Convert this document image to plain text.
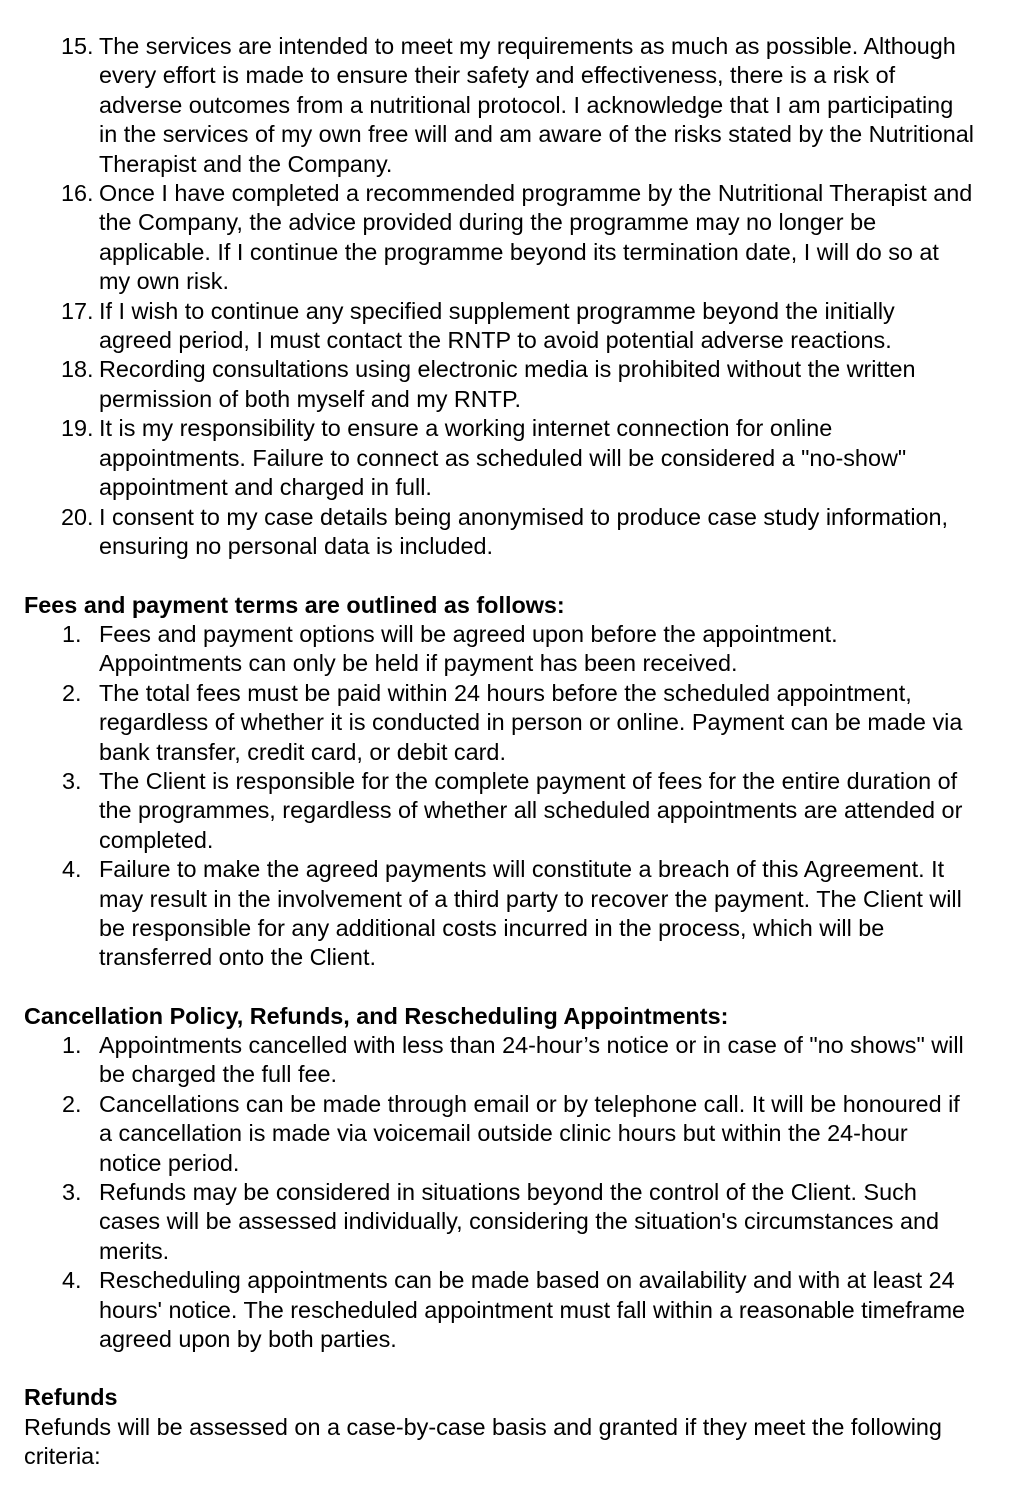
15. The services are intended to meet my requirements as much as possible. Although every effort is made to ensure their safety and effectiveness, there is a risk of adverse outcomes from a nutritional protocol. I acknowledge that I am participating in the services of my own free will and am aware of the risks stated by the Nutritional Therapist and the Company.
16. Once I have completed a recommended programme by the Nutritional Therapist and the Company, the advice provided during the programme may no longer be applicable. If I continue the programme beyond its termination date, I will do so at my own risk.
17. If I wish to continue any specified supplement programme beyond the initially agreed period, I must contact the RNTP to avoid potential adverse reactions.
18. Recording consultations using electronic media is prohibited without the written permission of both myself and my RNTP.
19. It is my responsibility to ensure a working internet connection for online appointments. Failure to connect as scheduled will be considered a "no-show" appointment and charged in full.
20. I consent to my case details being anonymised to produce case study information, ensuring no personal data is included.
Fees and payment terms are outlined as follows:
1. Fees and payment options will be agreed upon before the appointment. Appointments can only be held if payment has been received.
2. The total fees must be paid within 24 hours before the scheduled appointment, regardless of whether it is conducted in person or online. Payment can be made via bank transfer, credit card, or debit card.
3. The Client is responsible for the complete payment of fees for the entire duration of the programmes, regardless of whether all scheduled appointments are attended or completed.
4. Failure to make the agreed payments will constitute a breach of this Agreement. It may result in the involvement of a third party to recover the payment. The Client will be responsible for any additional costs incurred in the process, which will be transferred onto the Client.
Cancellation Policy, Refunds, and Rescheduling Appointments:
1. Appointments cancelled with less than 24-hour’s notice or in case of "no shows" will be charged the full fee.
2. Cancellations can be made through email or by telephone call. It will be honoured if a cancellation is made via voicemail outside clinic hours but within the 24-hour notice period.
3. Refunds may be considered in situations beyond the control of the Client. Such cases will be assessed individually, considering the situation's circumstances and merits.
4. Rescheduling appointments can be made based on availability and with at least 24 hours' notice. The rescheduled appointment must fall within a reasonable timeframe agreed upon by both parties.
Refunds
Refunds will be assessed on a case-by-case basis and granted if they meet the following criteria:
